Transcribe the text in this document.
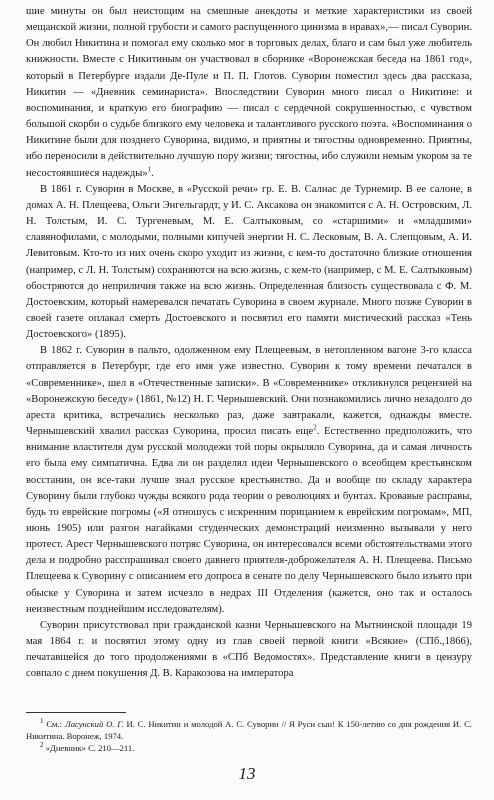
шие минуты он был неистощим на смешные анекдоты и меткие характеристики из своей мещанской жизни, полной грубости и самого распущенного цинизма в нравах»,— писал Суворин. Он любил Никитина и помогал ему сколько мог в торговых делах, благо и сам был уже любитель книжности. Вместе с Никитиным он участвовал в сборнике «Воронежская беседа на 1861 год», который в Петербурге издали Де-Пуле и П. П. Глотов. Суворин поместил здесь два рассказа, Никитин — «Дневник семинариста». Впоследствии Суворин много писал о Никитине: и воспоминания, и краткую его биографию — писал с сердечной сокрушенностью, с чувством большой скорби о судьбе близкого ему человека и талантливого русского поэта. «Воспоминания о Никитине были для позднего Суворина, видимо, и приятны и тягостны одновременно. Приятны, ибо переносили в действительно лучшую пору жизни; тягостны, ибо служили немым укором за те несостоявшиеся надежды»$^1$.

В 1861 г. Суворин в Москве, в «Русской речи» гр. Е. В. Салнас де Турнемир. В ее салоне, в домах А. Н. Плещеева, Ольги Энгельгардт, у И. С. Аксакова он знакомится с А. Н. Островским, Л. Н. Толстым, И. С. Тургеневым, М. Е. Салтыковым, со «старшими» и «младшими» славянофилами, с молодыми, полными кипучей энергии Н. С. Лесковым, В. А. Слепцовым, А. И. Левитовым. Кто-то из них очень скоро уходит из жизни, с кем-то достаточно близкие отношения (например, с Л. Н. Толстым) сохраняются на всю жизнь, с кем-то (например, с М. Е. Салтыковым) обостряются до неприличия также на всю жизнь. Определенная близость существовала с Ф. М. Достоевским, который намеревался печатать Суворина в своем журнале. Много позже Суворин в своей газете оплакал смерть Достоевского и посвятил его памяти мистический рассказ «Тень Достоевского» (1895).

В 1862 г. Суворин в пальто, одолженном ему Плещеевым, в нетопленном вагоне 3-го класса отправляется в Петербург, где его имя уже известно. Суворин к тому времени печатался в «Современнике», шел в «Отечественные записки». В «Современнике» откликнулся рецензией на «Воронежскую беседу» (1861, №12) Н. Г. Чернышевский. Они познакомились лично незадолго до ареста критика, встречались несколько раз, даже завтракали, кажется, однажды вместе. Чернышевский хвалил рассказ Суворина, просил писать еще$^2$. Естественно предположить, что внимание властителя дум русской молодежи той поры окрыляло Суворина, да и самая личность его была ему симпатична. Едва ли он разделял идеи Чернышевского о всеобщем крестьянском восстании, он все-таки лучше знал русское крестьянство. Да и вообще по складу характера Суворину были глубоко чужды всякого рода теории о революциях и бунтах. Кровавые расправы, будь то еврейские погромы («Я отношусь с искренним порицанием к еврейским погромам», МП, июнь 1905) или разгон нагайками студенческих демонстраций неизменно вызывали у него протест. Арест Чернышевского потряс Суворина, он интересовался всеми обстоятельствами этого дела и подробно расспрашивал своего давнего приятеля-доброжелателя А. Н. Плещеева. Письмо Плещеева к Суворину с описанием его допроса в сенате по делу Чернышевского было изъято при обыске у Суворина и затем исчезло в недрах III Отделения (кажется, оно так и осталось неизвестным позднейшим исследователям).

Суворин присутствовал при гражданской казни Чернышевского на Мытнинской площади 19 мая 1864 г. и посвятил этому одну из глав своей первой книги «Всякие» (СПб.,1866), печатавшейся до того продолжениями в «СПб Ведомостях». Представление книги в цензуру совпало с днем покушения Д. В. Каракозова на императора

$^1$ См.: Ласунский О. Г. И. С. Никитин и молодой А. С. Суворин // Я Руси сын! К 150-летию со дня рождения И. С. Никитина. Воронеж, 1974.

$^2$ «Дневник» С. 210—211.

13
